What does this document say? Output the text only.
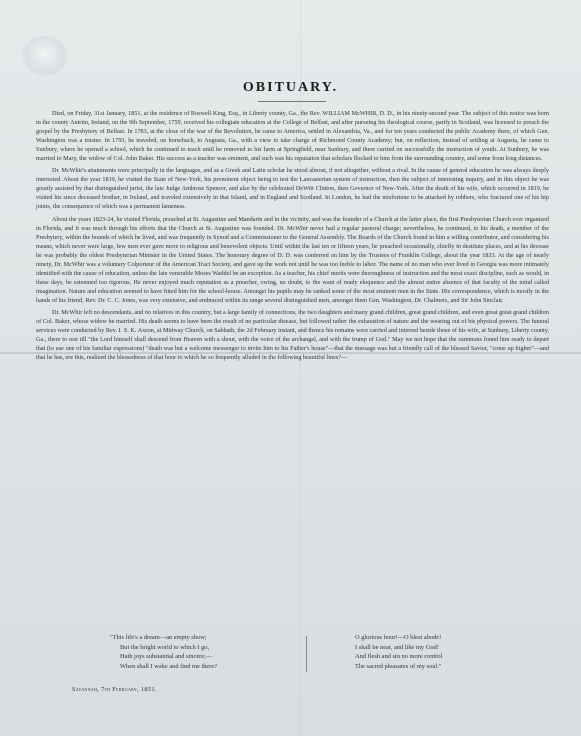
OBITUARY.

Died, on Friday, 31st January, 1851, at the residence of Roswell King, Esq., in Liberty county, Ga., the Rev. WILLIAM McWHIR, D. D., in his ninety-second year. The subject of this notice was born in the county Antrim, Ireland, on the 9th September, 1759, received his collegiate education at the College of Belfast, and after pursuing his theological course, partly in Scotland, was licensed to preach the gospel by the Presbytery of Belfast. In 1783, at the close of the war of the Revolution, he came to America, settled in Alexandria, Va., and for ten years conducted the public Academy there, of which Gen. Washington was a trustee. In 1793, he traveled, on horseback, to Augusta, Ga., with a view to take charge of Richmond County Academy; but, on reflection, instead of settling at Augusta, he came to Sunbury, where he opened a school, which he continued to teach until he removed to his farm at Springfield, near Sunbury, and there carried on successfully the instruction of youth. At Sunbury, he was married to Mary, the widow of Col. John Baker. His success as a teacher was eminent, and such was his reputation that scholars flocked to him from the surrounding country, and some from long distances.

Dr. McWhir's attainments were principally in the languages, and as a Greek and Latin scholar he stood almost, if not altogether, without a rival. In the cause of general education he was always deeply interested. About the year 1819, he visited the State of New-York, his prominent object being to test the Lancasterian system of instruction, then the subject of interesting inquiry, and in this object he was greatly assisted by that distinguished jurist, the late Judge Ambrose Spencer, and also by the celebrated DeWitt Clinton, then Governor of New-York. After the death of his wife, which occurred in 1819, he visited his since deceased brother, in Ireland, and traveled extensively in that Island, and in England and Scotland. In London, he had the misfortune to be attacked by robbers, who fractured one of his hip joints, the consequence of which was a permanent lameness.

About the years 1823-24, he visited Florida, preached at St. Augustine and Mandarin and in the vicinity, and was the founder of a Church at the latter place, the first Presbyterian Church ever organized in Florida, and it was much through his efforts that the Church at St. Augustine was founded. Dr. McWhir never had a regular pastoral charge; nevertheless, he continued, to his death, a member of the Presbytery, within the bounds of which he lived, and was frequently in Synod and a Commissioner to the General Assembly. The Boards of the Church found in him a willing contributor, and considering his means, which never were large, few men ever gave more to religious and benevolent objects. Until within the last ten or fifteen years, he preached occasionally, chiefly in destitute places, and at his decease he was probably the oldest Presbyterian Minister in the United States. The honorary degree of D. D. was conferred on him by the Trustees of Franklin College, about the year 1833. At the age of nearly ninety, Dr. McWhir was a voluntary Colporteur of the American Tract Society, and gave up the work not until he was too feeble to labor. The name of no man who ever lived in Georgia was more intimately identified with the cause of education, unless the late venerable Moses Waddel be an exception. As a teacher, his chief merits were thoroughness of instruction and the most exact discipline, such as would, in these days, be esteemed too rigorous. He never enjoyed much reputation as a preacher, owing, no doubt, to the want of ready eloquence and the almost entire absence of that faculty of the mind called imagination. Nature and education seemed to have fitted him for the school-house. Amongst his pupils may be ranked some of the most eminent men in the State. His correspondence, which is mostly in the hands of his friend, Rev. Dr. C. C. Jones, was very extensive, and embraced within its range several distinguished men, amongst them Gen. Washington, Dr. Chalmers, and Sir John Sinclair.

Dr. McWhir left no descendants, and no relatives in this country, but a large family of connections, the two daughters and many grand children, great grand children, and even great great grand children of Col. Baker, whose widow he married. His death seems to have been the result of no particular disease, but followed rather the exhaustion of nature and the wearing out of his physical powers. The funeral services were conducted by Rev. I. S. K. Axson, at Midway Church, on Sabbath, the 2d February instant, and thence his remains were carried and interred beside those of his wife, at Sunbury, Liberty county, Ga., there to rest till "the Lord himself shall descend from Heaven with a shout, with the voice of the archangel, and with the trump of God." May we not hope that the summons found him ready to depart that (to use one of his familiar expressions) "death was but a welcome messenger to invite him to his Father's house"—that the message was but a friendly call of the blessed Savior, "come up higher"—and that he has, ere this, realized the blessedness of that hour to which he so frequently alluded in the following beautiful lines?—

"This life's a dream—an empty show;
But the bright world to which I go,
Hath joys substantial and sincere;—
When shall I wake and find me there?
O glorious hour!—O blest abode!
I shall be near, and like my God!
And flesh and sin no more control
The sacred pleasures of my soul."
Savannah, 7th February, 1851.
